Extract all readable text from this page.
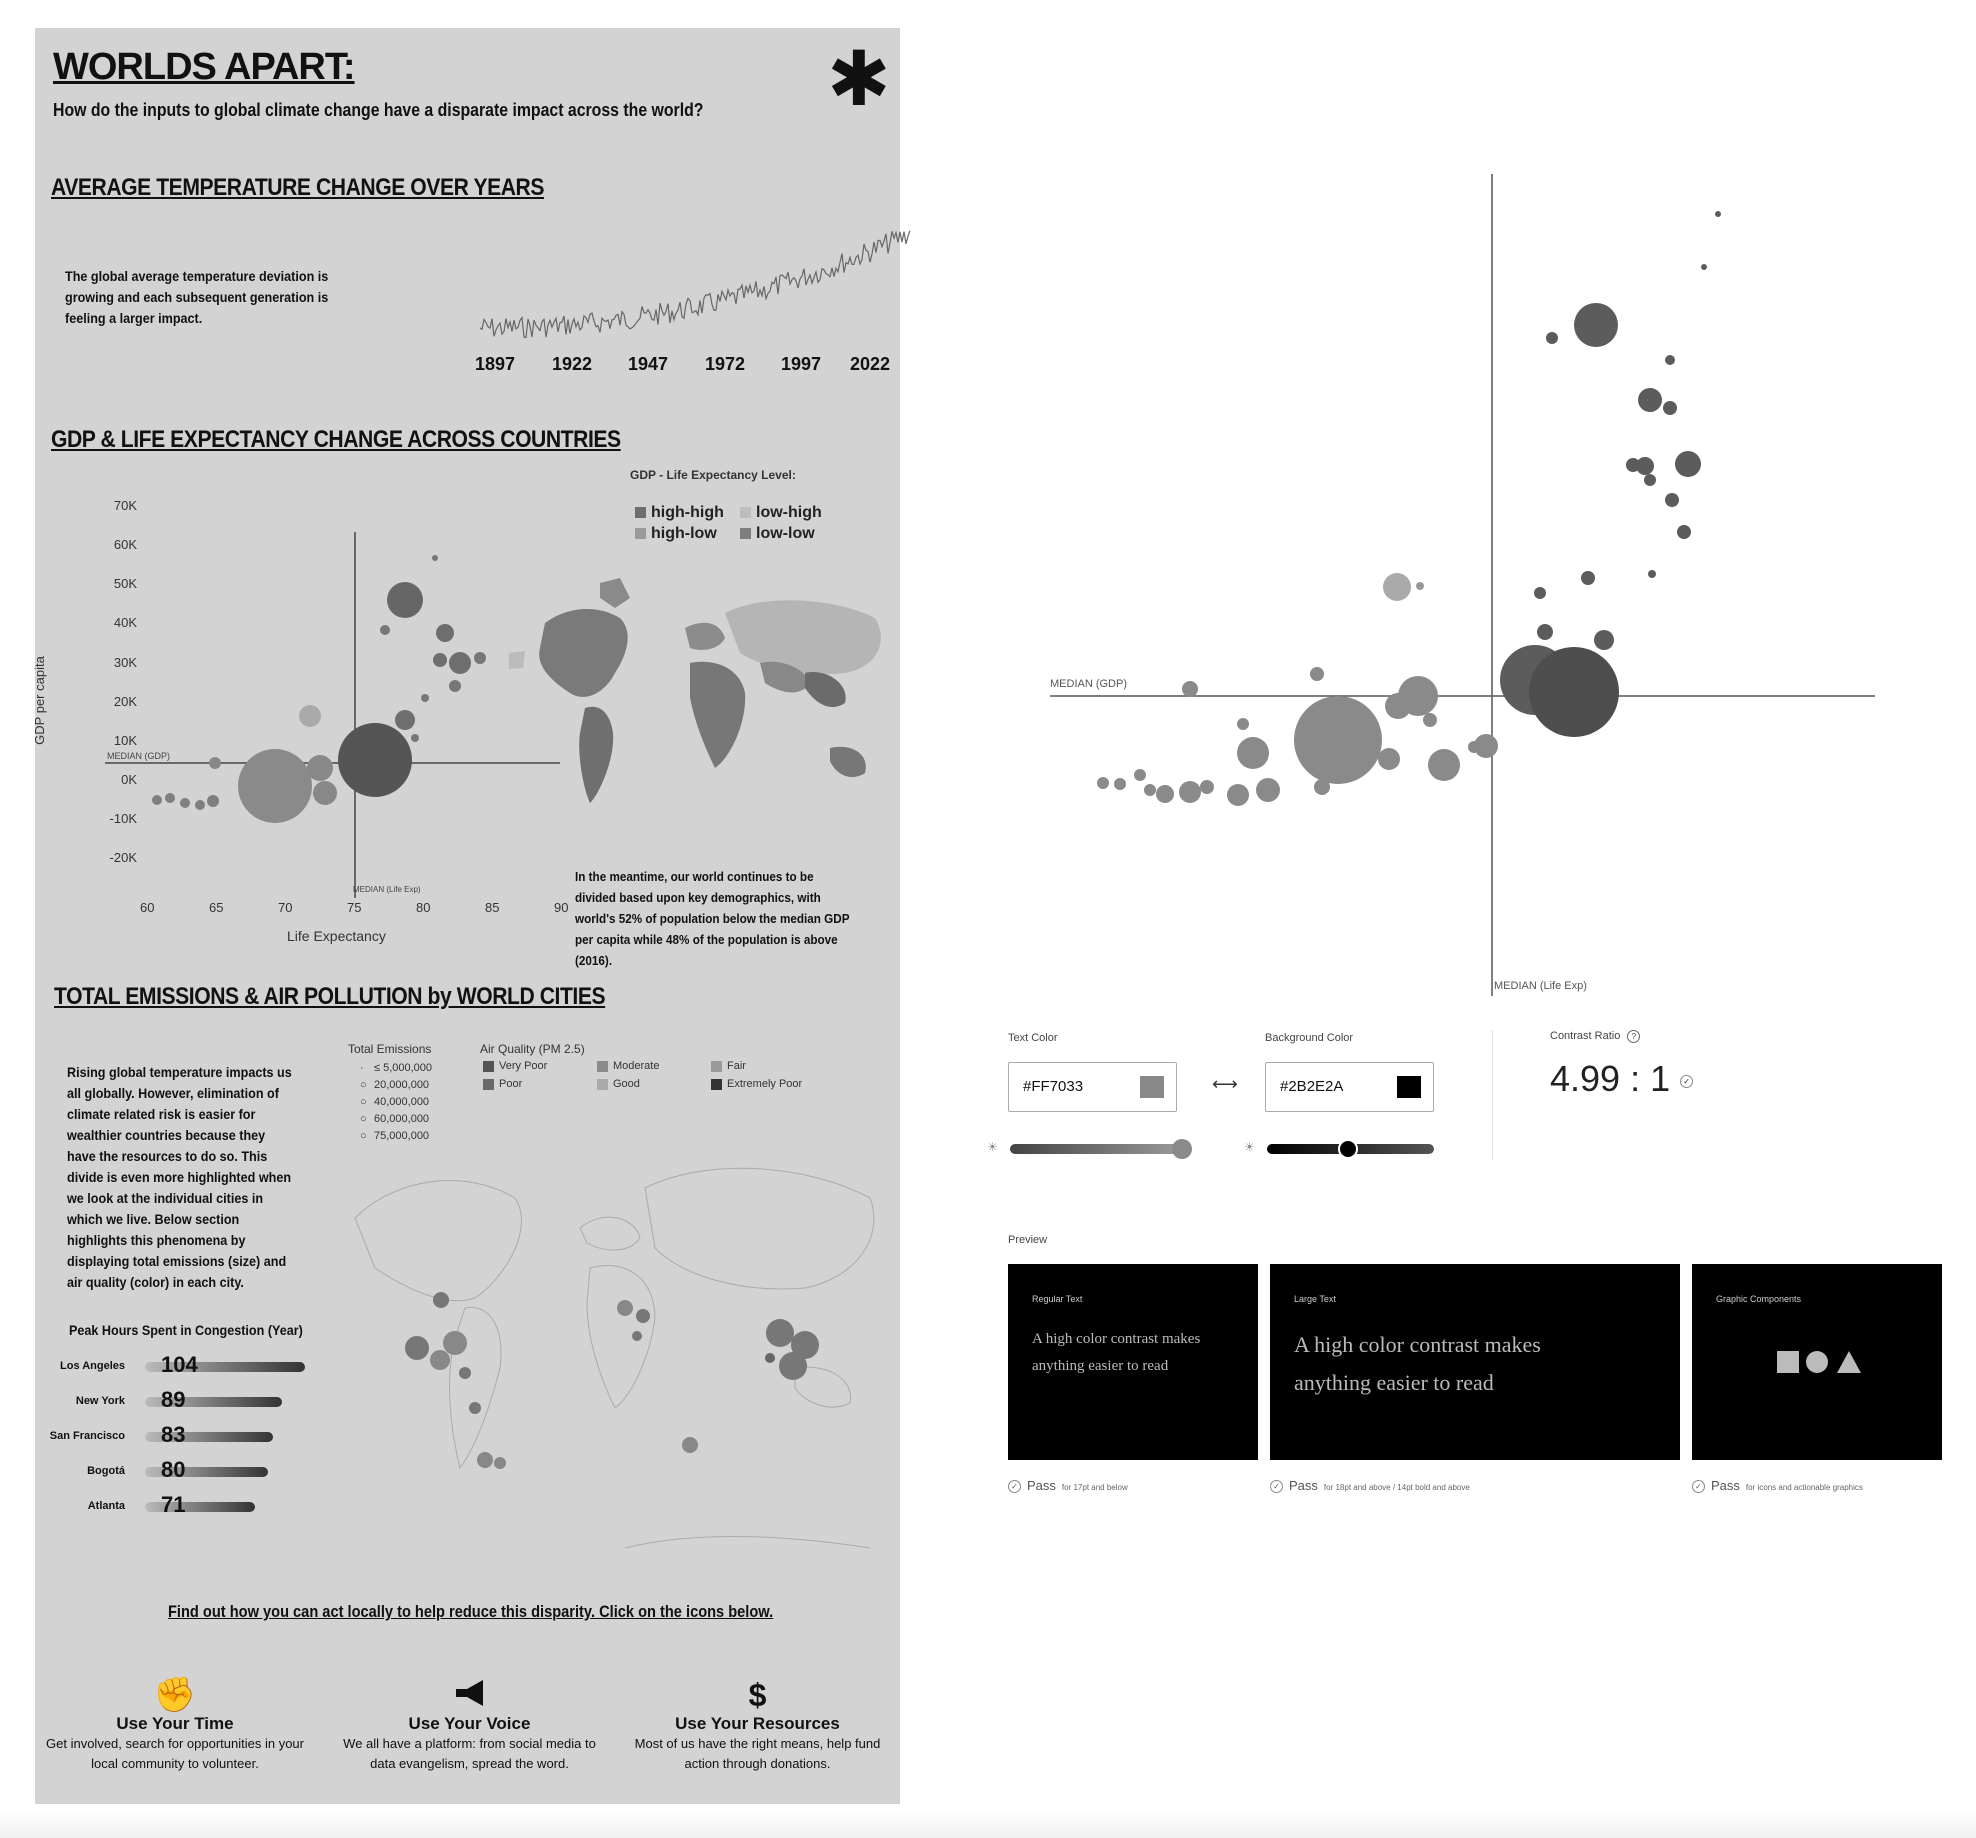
WORLDS APART:
How do the inputs to global climate change have a disparate impact across the world? ✱
AVERAGE TEMPERATURE CHANGE OVER YEARS
The global average temperature deviation is growing and each subsequent generation is feeling a larger impact.
1897 1922 1947 1972 1997 2022
GDP & LIFE EXPECTANCY CHANGE ACROSS COUNTRIES
70K
60K
50K
40K
30K
20K
10K
0K
-10K
-20K
GDP per capita
60	65	70	75	80	85	90
Life Expectancy
MEDIAN (GDP)
MEDIAN (Life Exp)
GDP - Life Expectancy Level:
high-high	low-high
high-low	low-low
In the meantime, our world continues to be divided based upon key demographics, with world's 52% of population below the median GDP per capita while 48% of the population is above (2016).
TOTAL EMISSIONS & AIR POLLUTION by WORLD CITIES
Rising global temperature impacts us all globally. However, elimination of climate related risk is easier for wealthier countries because they have the resources to do so. This divide is even more highlighted when we look at the individual cities in which we live. Below section highlights this phenomena by displaying total emissions (size) and air quality (color) in each city.
Total Emissions
· ≤ 5,000,000
○ 20,000,000
○ 40,000,000
○ 60,000,000
○ 75,000,000
Air Quality (PM 2.5)
Very Poor	Moderate	Fair
Poor	Good	Extremely Poor
Peak Hours Spent in Congestion (Year)
Los Angeles 104
New York 89
San Francisco 83
Bogotá 80
Atlanta 71
Find out how you can act locally to help reduce this disparity. Click on the icons below.
✊
Use Your Time
Get involved, search for opportunities in your local community to volunteer.
Use Your Voice
We all have a platform: from social media to data evangelism, spread the word.
$
Use Your Resources
Most of us have the right means, help fund action through donations.
MEDIAN (GDP)
MEDIAN (Life Exp)
Text Color
#FF7033	⟷
Background Color
#2B2E2A
☀	☀
Contrast Ratio ?
4.99 : 1 ✓
Preview
Regular Text
A high color contrast makes anything easier to read
Large Text
A high color contrast makes anything easier to read
Graphic Components
✓ Pass for 17pt and below	✓ Pass for 18pt and above / 14pt bold and above	✓ Pass for icons and actionable graphics
